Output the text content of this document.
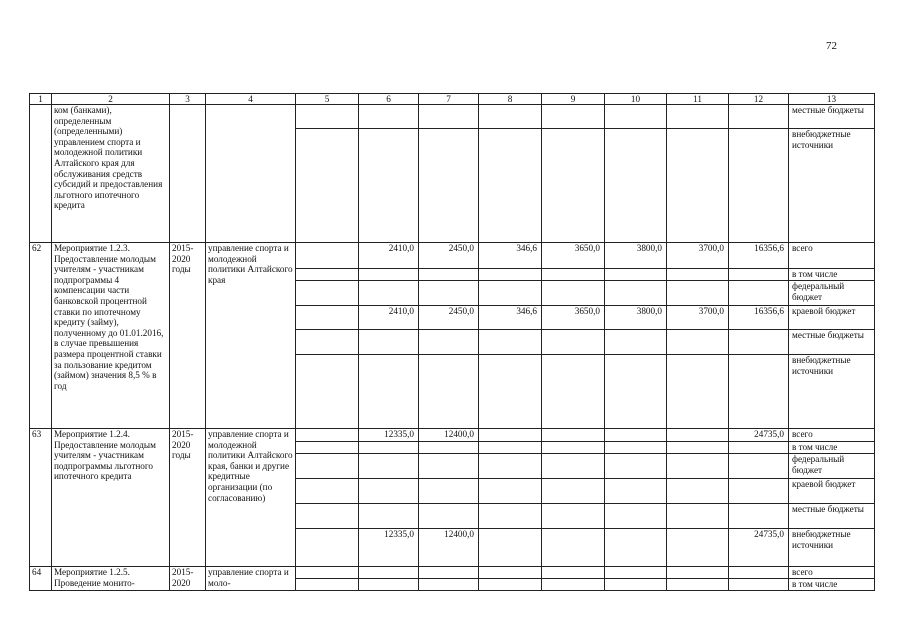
72
1	2	3	4	5	6	7	8	9	10	11	12	13
	ком (банками), определенным (определенными) управлением спорта и молодежной политики Алтайского края для обслуживания средств субсидий и предоставления льготного ипотечного кредита											местные бюджеты
												внебюджетные источники
62	Мероприятие 1.2.3. Предоставление молодым учителям - участникам подпрограммы 4 компенсации части банковской процентной ставки по ипотечному кредиту (займу), полученному до 01.01.2016, в случае превышения размера процентной ставки за пользование кредитом (займом) значения 8,5 % в год	2015-2020 годы	управление спорта и молодежной политики Алтайского края		2410,0	2450,0	346,6	3650,0	3800,0	3700,0	16356,6	всего
												в том числе
												федеральный бюджет
					2410,0	2450,0	346,6	3650,0	3800,0	3700,0	16356,6	краевой бюджет
												местные бюджеты
												внебюджетные источники
63	Мероприятие 1.2.4. Предоставление молодым учителям - участникам подпрограммы льготного ипотечного кредита	2015-2020 годы	управление спорта и молодежной политики Алтайского края, банки и другие кредитные организации (по согласованию)		12335,0	12400,0					24735,0	всего
												в том числе
												федеральный бюджет
												краевой бюджет
												местные бюджеты
					12335,0	12400,0					24735,0	внебюджетные источники
64	Мероприятие 1.2.5. Проведение монито-	2015-2020	управление спорта и моло-									всего
												в том числе
